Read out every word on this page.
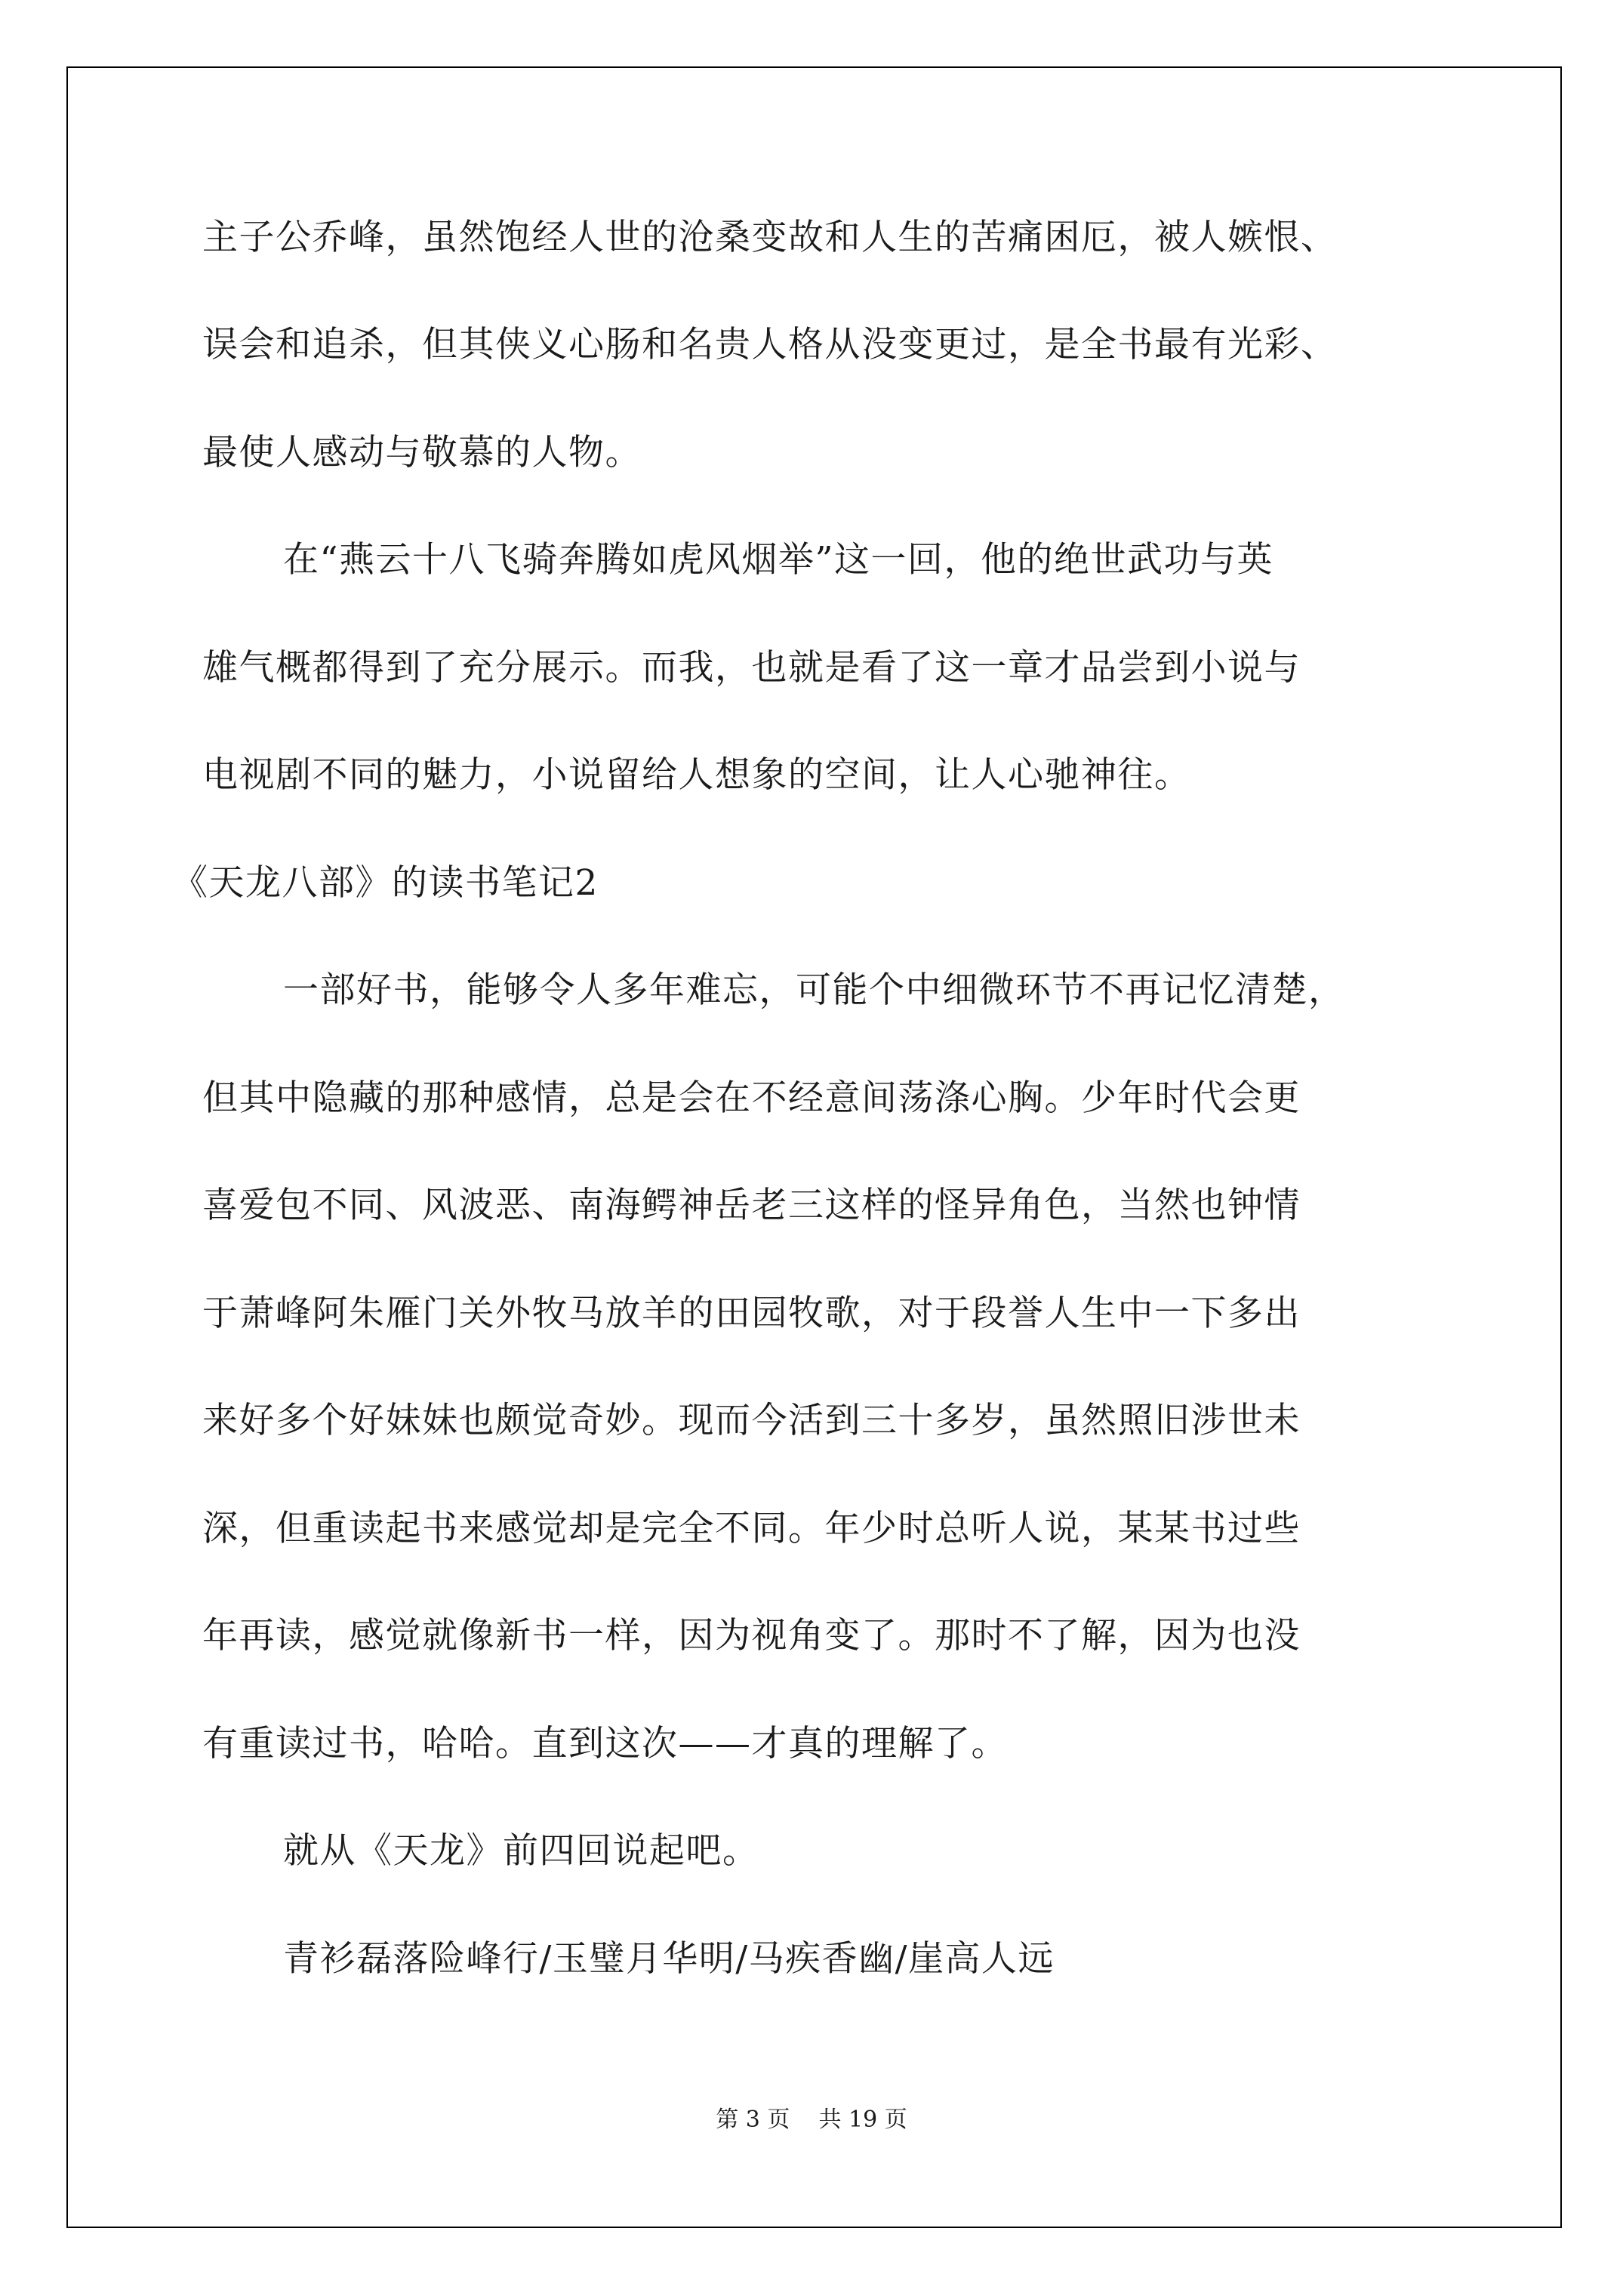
主子公乔峰，虽然饱经人世的沧桑变故和人生的苦痛困厄，被人嫉恨、
误会和追杀，但其侠义心肠和名贵人格从没变更过，是全书最有光彩、
最使人感动与敬慕的人物。
在“燕云十八飞骑奔腾如虎风烟举”这一回，他的绝世武功与英
雄气概都得到了充分展示。而我，也就是看了这一章才品尝到小说与
电视剧不同的魅力，小说留给人想象的空间，让人心驰神往。
《天龙八部》的读书笔记2
一部好书，能够令人多年难忘，可能个中细微环节不再记忆清楚，
但其中隐藏的那种感情，总是会在不经意间荡涤心胸。少年时代会更
喜爱包不同、风波恶、南海鳄神岳老三这样的怪异角色，当然也钟情
于萧峰阿朱雁门关外牧马放羊的田园牧歌，对于段誉人生中一下多出
来好多个好妹妹也颇觉奇妙。现而今活到三十多岁，虽然照旧涉世未
深，但重读起书来感觉却是完全不同。年少时总听人说，某某书过些
年再读，感觉就像新书一样，因为视角变了。那时不了解，因为也没
有重读过书，哈哈。直到这次——才真的理解了。
就从《天龙》前四回说起吧。
青衫磊落险峰行/玉璧月华明/马疾香幽/崖高人远
第 3 页    共 19 页
